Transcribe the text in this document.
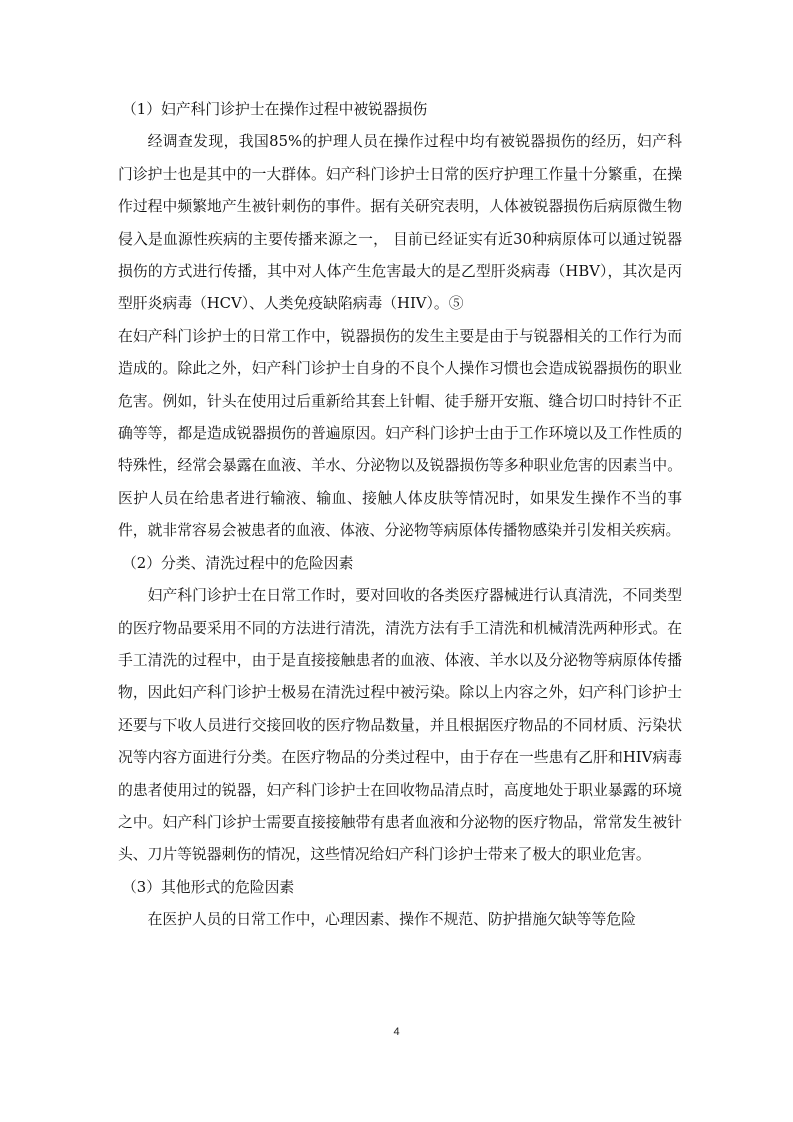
（1）妇产科门诊护士在操作过程中被锐器损伤

经调查发现，我国85%的护理人员在操作过程中均有被锐器损伤的经历，妇产科门诊护士也是其中的一大群体。妇产科门诊护士日常的医疗护理工作量十分繁重，在操作过程中频繁地产生被针刺伤的事件。据有关研究表明，人体被锐器损伤后病原微生物侵入是血源性疾病的主要传播来源之一， 目前已经证实有近30种病原体可以通过锐器损伤的方式进行传播，其中对人体产生危害最大的是乙型肝炎病毒（HBV），其次是丙型肝炎病毒（HCV）、人类免疫缺陷病毒（HIV）。⑤

在妇产科门诊护士的日常工作中，锐器损伤的发生主要是由于与锐器相关的工作行为而造成的。除此之外，妇产科门诊护士自身的不良个人操作习惯也会造成锐器损伤的职业危害。例如，针头在使用过后重新给其套上针帽、徒手掰开安瓶、缝合切口时持针不正确等等，都是造成锐器损伤的普遍原因。妇产科门诊护士由于工作环境以及工作性质的特殊性，经常会暴露在血液、羊水、分泌物以及锐器损伤等多种职业危害的因素当中。医护人员在给患者进行输液、输血、接触人体皮肤等情况时，如果发生操作不当的事件，就非常容易会被患者的血液、体液、分泌物等病原体传播物感染并引发相关疾病。

（2）分类、清洗过程中的危险因素

妇产科门诊护士在日常工作时，要对回收的各类医疗器械进行认真清洗，不同类型的医疗物品要采用不同的方法进行清洗，清洗方法有手工清洗和机械清洗两种形式。在手工清洗的过程中，由于是直接接触患者的血液、体液、羊水以及分泌物等病原体传播物，因此妇产科门诊护士极易在清洗过程中被污染。除以上内容之外，妇产科门诊护士还要与下收人员进行交接回收的医疗物品数量，并且根据医疗物品的不同材质、污染状况等内容方面进行分类。在医疗物品的分类过程中，由于存在一些患有乙肝和HIV病毒的患者使用过的锐器，妇产科门诊护士在回收物品清点时，高度地处于职业暴露的环境之中。妇产科门诊护士需要直接接触带有患者血液和分泌物的医疗物品，常常发生被针头、刀片等锐器刺伤的情况，这些情况给妇产科门诊护士带来了极大的职业危害。

（3）其他形式的危险因素

在医护人员的日常工作中，心理因素、操作不规范、防护措施欠缺等等危险

4
